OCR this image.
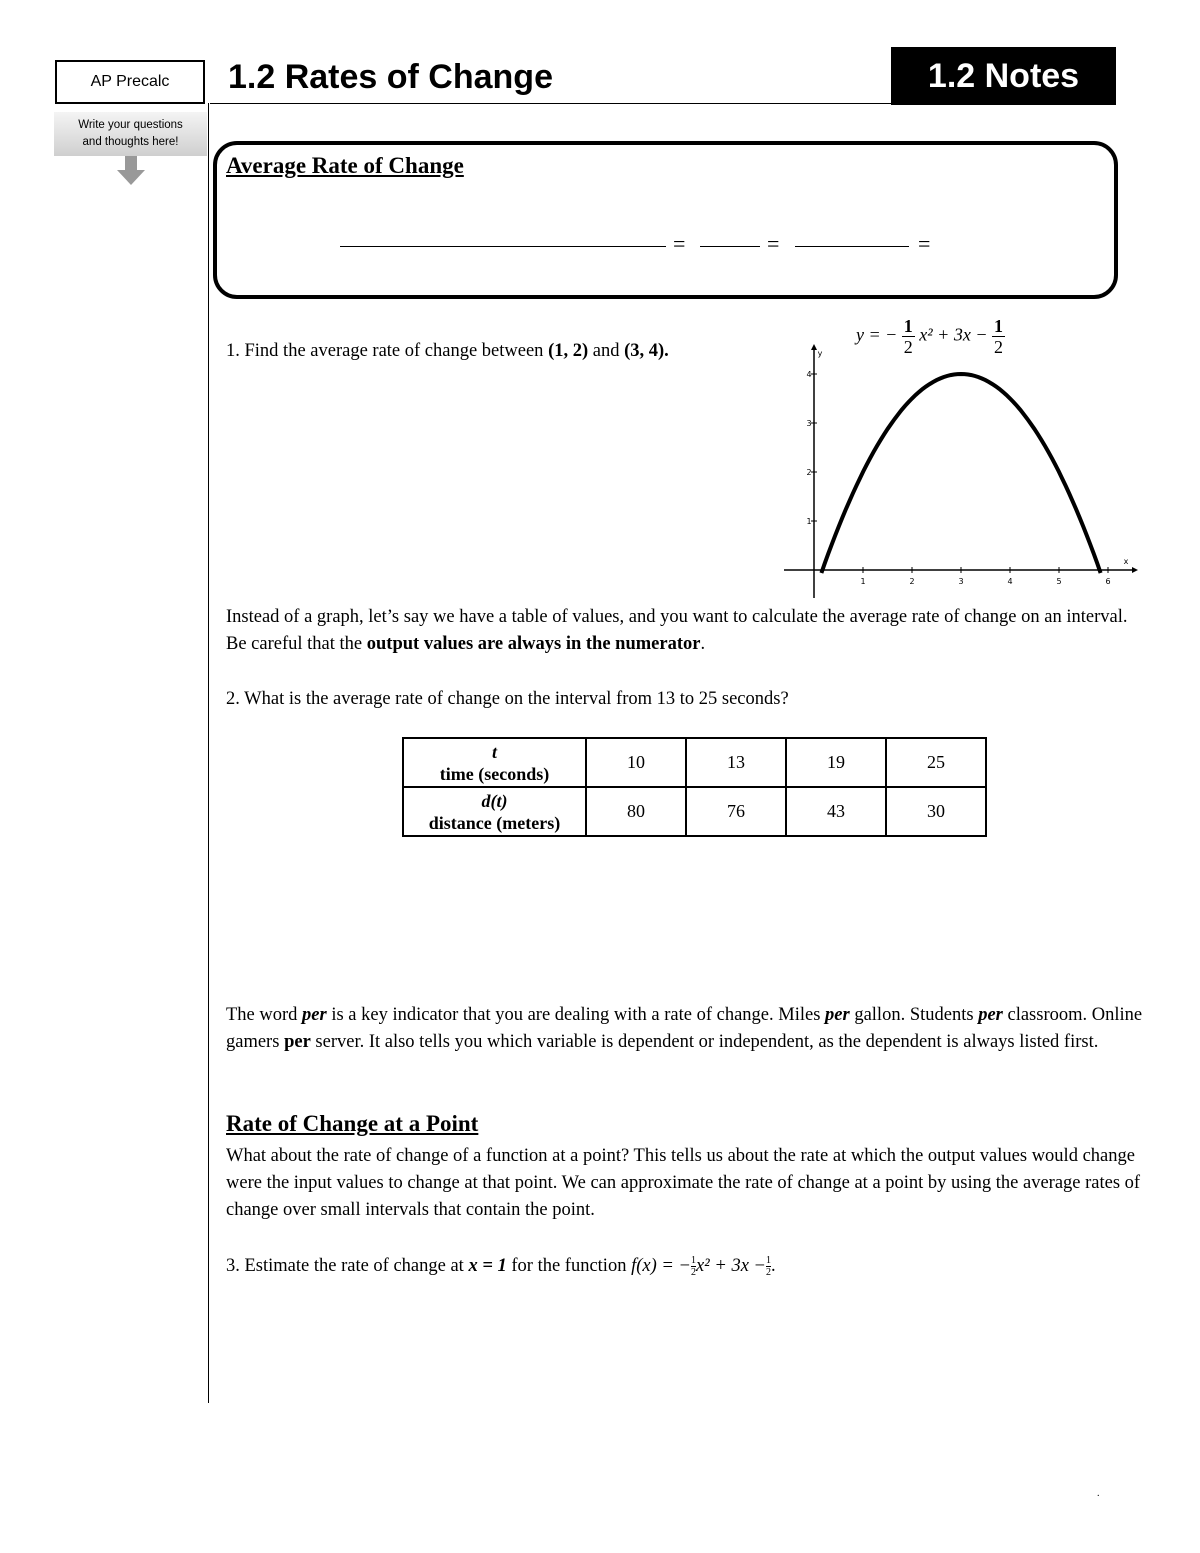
AP Precalc	1.2 Rates of Change	1.2 Notes
Write your questions
and thoughts here!
Average Rate of Change
=	=	=
1. Find the average rate of change between (1, 2) and (3, 4).
y = − $\frac{1}{2} x^2 + 3x - \frac{1}{2}$
x
y
1	2	3	4	5	6
1
2
3
4
Instead of a graph, let’s say we have a table of values, and you want to calculate the average rate of change on an interval. Be careful that the output values are always in the numerator.
2. What is the average rate of change on the interval from 13 to 25 seconds?
t
time (seconds)	10	13	19	25
d(t)
distance (meters)	80	76	43	30
The word per is a key indicator that you are dealing with a rate of change. Miles per gallon. Students per classroom. Online gamers per server. It also tells you which variable is dependent or independent, as the dependent is always listed first.
Rate of Change at a Point
What about the rate of change of a function at a point? This tells us about the rate at which the output values would change were the input values to change at that point. We can approximate the rate of change at a point by using the average rates of change over small intervals that contain the point.
3. Estimate the rate of change at x = 1 for the function f(x) = − $\frac{1}{2} x^2 + 3x - \frac{1}{2}$ .
.
